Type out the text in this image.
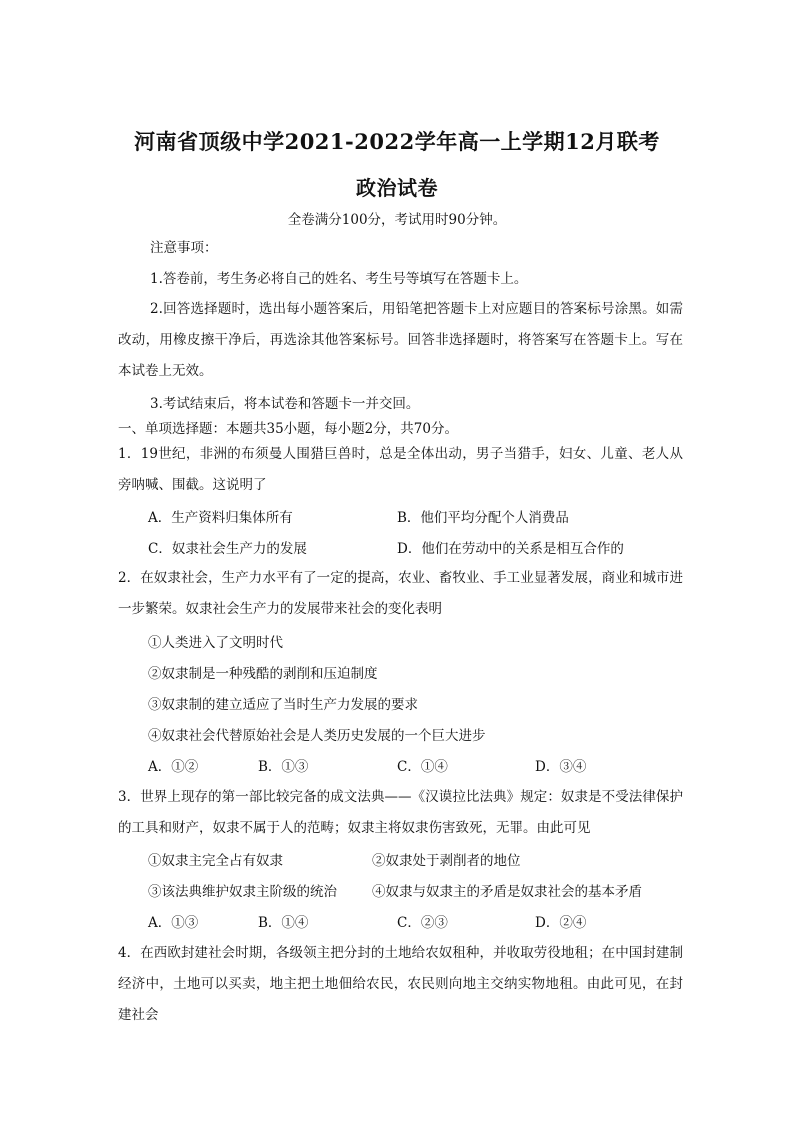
河南省顶级中学2021-2022学年高一上学期12月联考
政治试卷
全卷满分100分，考试用时90分钟。
注意事项：
1.答卷前，考生务必将自己的姓名、考生号等填写在答题卡上。
2.回答选择题时，选出每小题答案后，用铅笔把答题卡上对应题目的答案标号涂黑。如需改动，用橡皮擦干净后，再选涂其他答案标号。回答非选择题时，将答案写在答题卡上。写在本试卷上无效。
3.考试结束后，将本试卷和答题卡一并交回。
一、单项选择题：本题共35小题，每小题2分，共70分。
1．19世纪，非洲的布须曼人围猎巨兽时，总是全体出动，男子当猎手，妇女、儿童、老人从旁呐喊、围截。这说明了
A．生产资料归集体所有	B．他们平均分配个人消费品
C．奴隶社会生产力的发展	D．他们在劳动中的关系是相互合作的
2．在奴隶社会，生产力水平有了一定的提高，农业、畜牧业、手工业显著发展，商业和城市进一步繁荣。奴隶社会生产力的发展带来社会的变化表明
①人类进入了文明时代
②奴隶制是一种残酷的剥削和压迫制度
③奴隶制的建立适应了当时生产力发展的要求
④奴隶社会代替原始社会是人类历史发展的一个巨大进步
A．①②	B．①③	C．①④	D．③④
3．世界上现存的第一部比较完备的成文法典——《汉谟拉比法典》规定：奴隶是不受法律保护的工具和财产，奴隶不属于人的范畴；奴隶主将奴隶伤害致死，无罪。由此可见
①奴隶主完全占有奴隶	②奴隶处于剥削者的地位
③该法典维护奴隶主阶级的统治	④奴隶与奴隶主的矛盾是奴隶社会的基本矛盾
A．①③	B．①④	C．②③	D．②④
4．在西欧封建社会时期，各级领主把分封的土地给农奴租种，并收取劳役地租；在中国封建制经济中，土地可以买卖，地主把土地佃给农民，农民则向地主交纳实物地租。由此可见，在封建社会
